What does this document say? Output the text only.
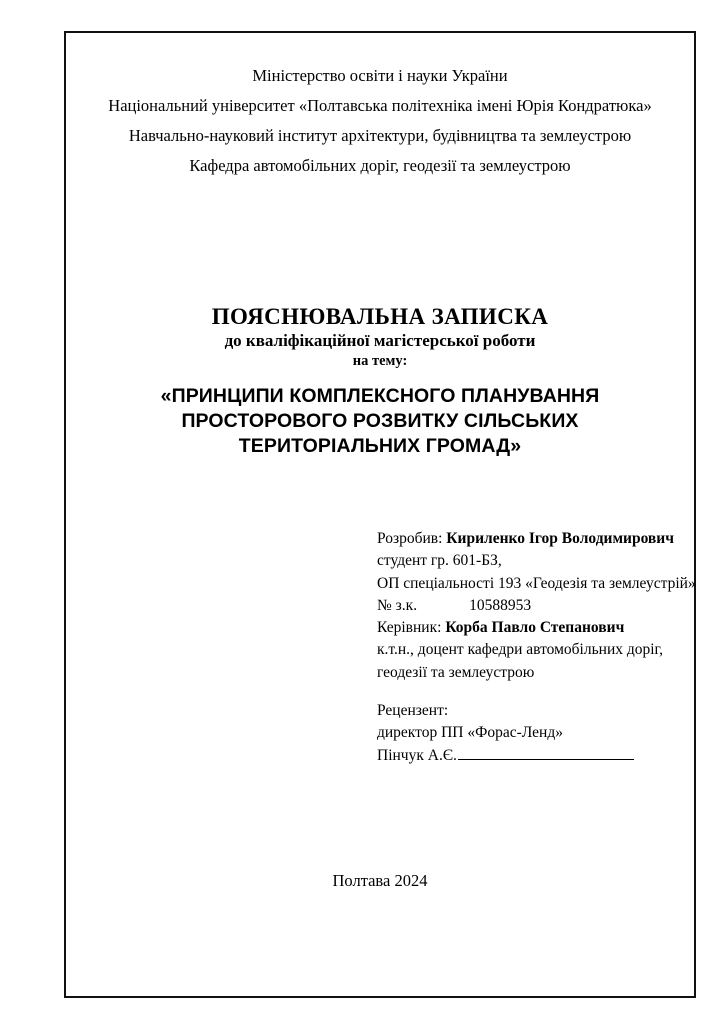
Міністерство освіти і науки України
Національний університет «Полтавська політехніка імені Юрія Кондратюка»
Навчально-науковий інститут архітектури, будівництва та землеустрою
Кафедра автомобільних доріг, геодезії та землеустрою
ПОЯСНЮВАЛЬНА ЗАПИСКА
до кваліфікаційної магістерської роботи
на тему:
«ПРИНЦИПИ КОМПЛЕКСНОГО ПЛАНУВАННЯ
ПРОСТОРОВОГО РОЗВИТКУ СІЛЬСЬКИХ
ТЕРИТОРІАЛЬНИХ ГРОМАД»
Розробив: Кириленко Ігор Володимирович
студент гр. 601-БЗ,
ОП спеціальності 193 «Геодезія та землеустрій»
№ з.к.	10588953
Керівник: Корба Павло Степанович
к.т.н., доцент кафедри автомобільних доріг,
геодезії та землеустрою
Рецензент:
директор ПП «Форас-Ленд»
Пінчук А.Є.
Полтава 2024
